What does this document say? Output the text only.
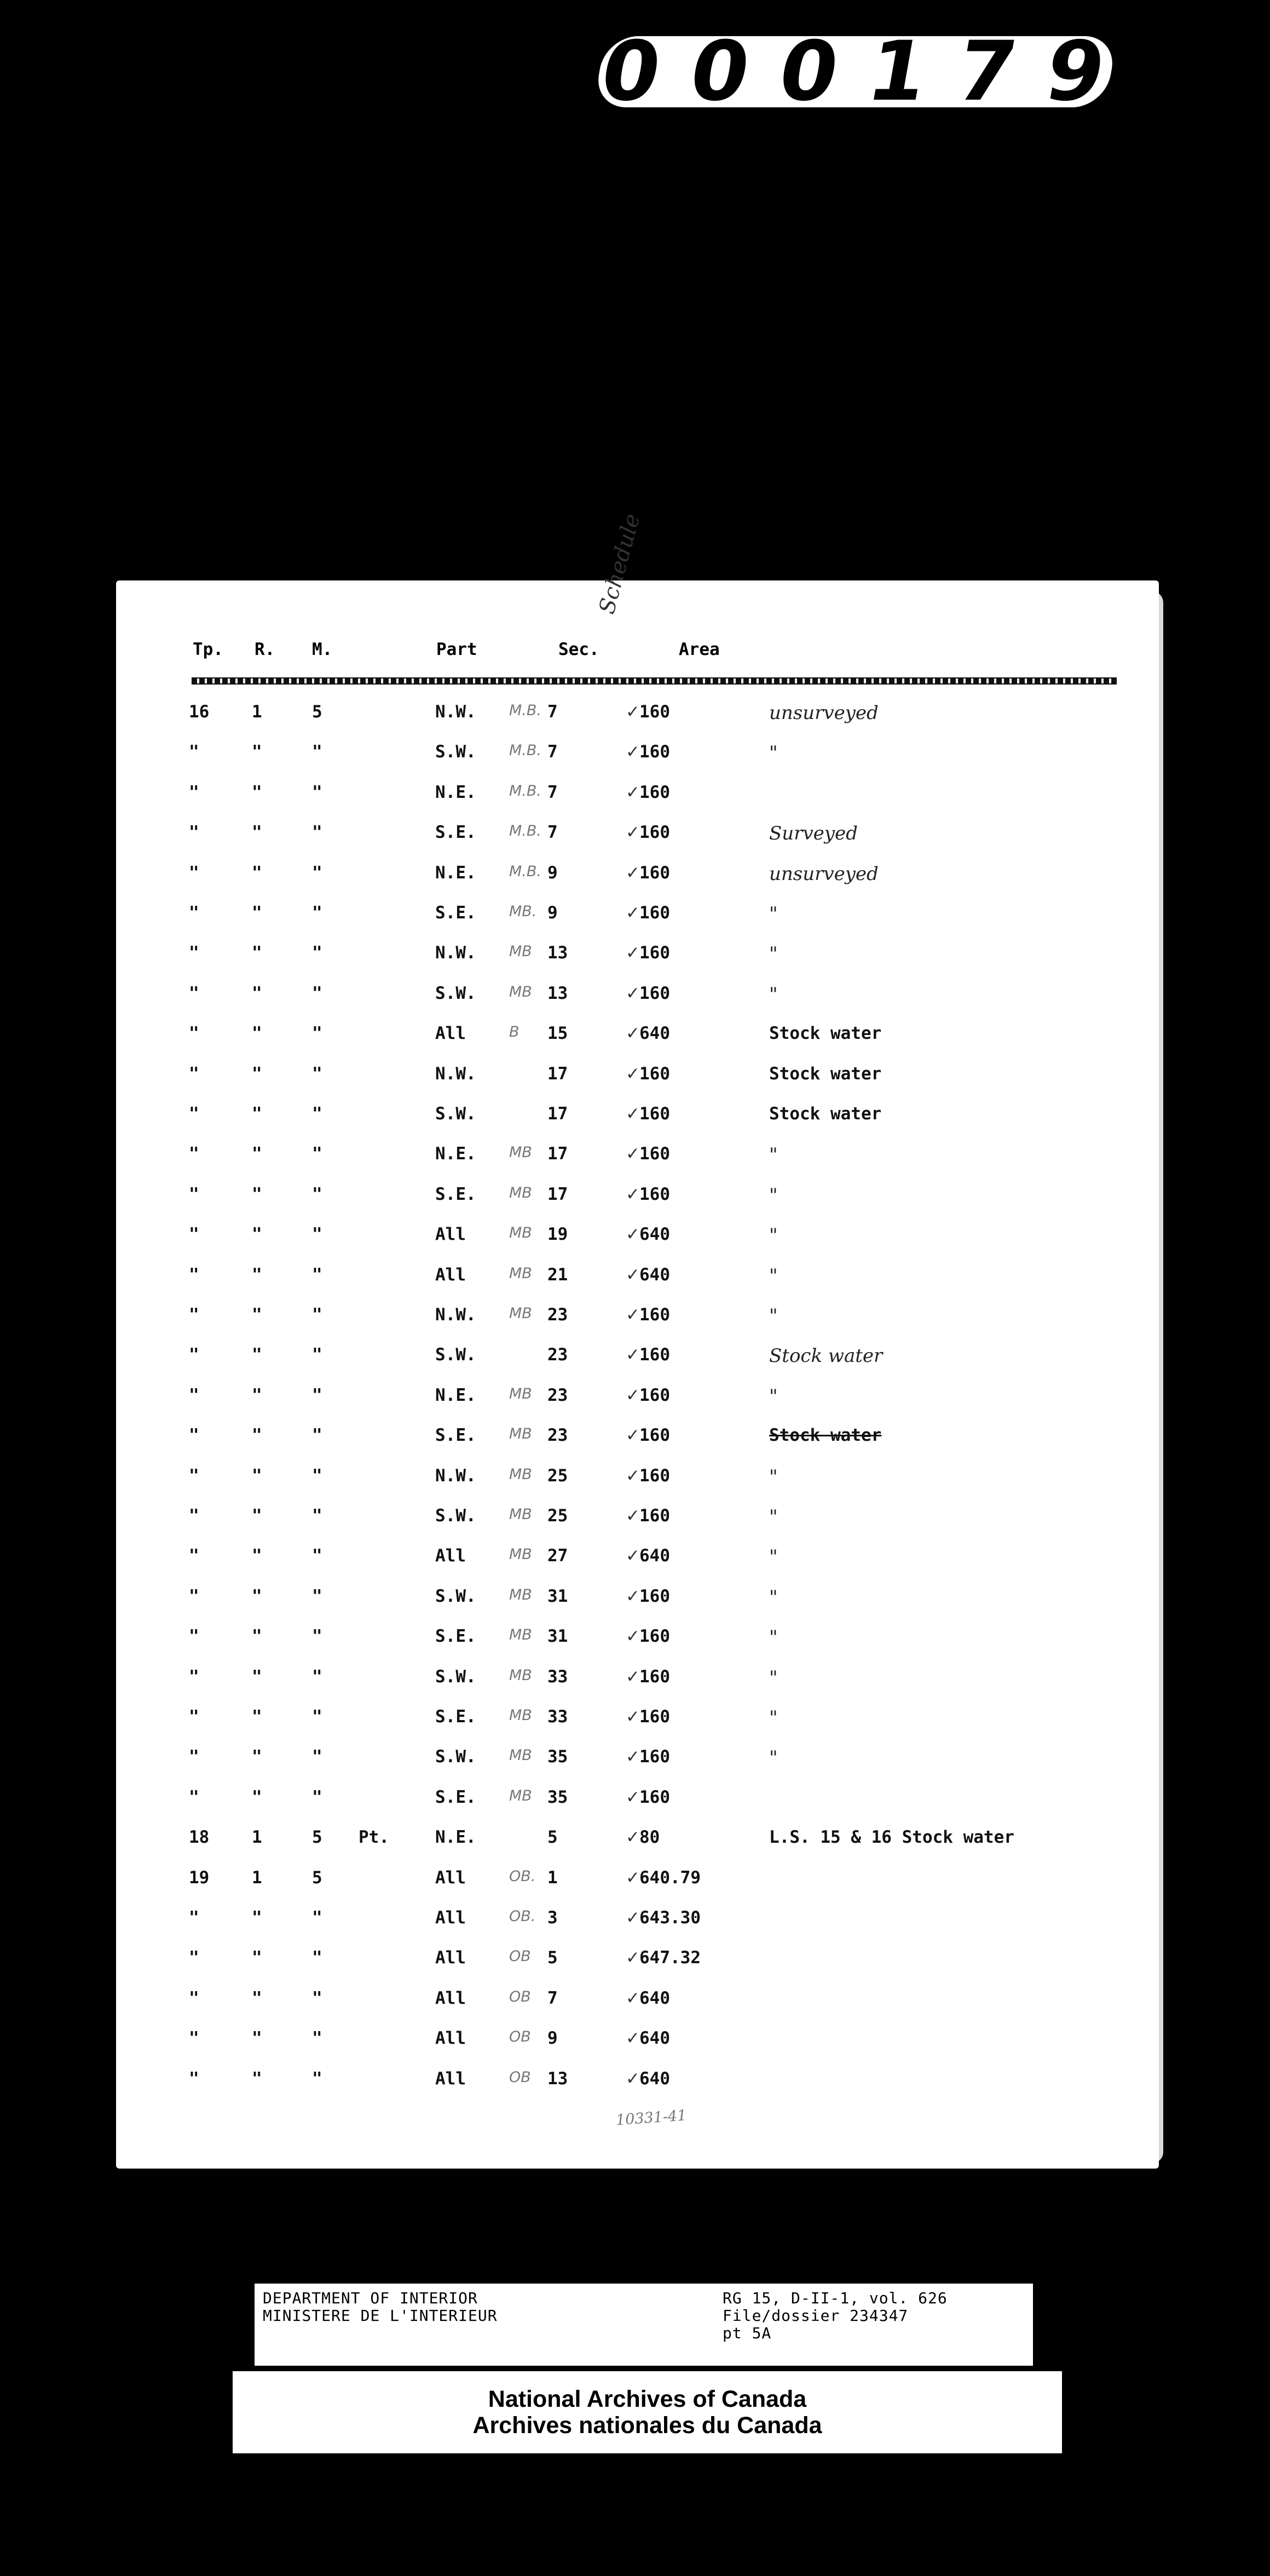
000179
Tp. R. M.	Part	Sec.	Area
Schedule
16	1	5	N.W. M.B. 7	✓ 160	unsurveyed
"	"	"	S.W. M.B. 7	✓ 160	"
"	"	"	N.E. M.B. 7	✓ 160
"	"	"	S.E. M.B. 7	✓ 160	Surveyed
"	"	"	N.E. M.B. 9	✓ 160	unsurveyed
"	"	"	S.E. MB. 9	✓ 160	"
"	"	"	N.W. MB 13	✓ 160	"
"	"	"	S.W. MB 13	✓ 160	"
"	"	"	All	B 15	✓ 640	Stock water
"	"	"	N.W.	17	✓ 160	Stock water
"	"	"	S.W.	17	✓ 160	Stock water
"	"	"	N.E. MB 17	✓ 160	"
"	"	"	S.E. MB 17	✓ 160	"
"	"	"	All	MB 19	✓ 640	"
"	"	"	All	MB 21	✓ 640	"
"	"	"	N.W. MB 23	✓ 160	"
"	"	"	S.W.	23	✓ 160	Stock water
"	"	"	N.E. MB 23	✓ 160	"
"	"	"	S.E. MB 23	✓ 160	Stock water
"	"	"	N.W. MB 25	✓ 160	"
"	"	"	S.W. MB 25	✓ 160	"
"	"	"	All	MB 27	✓ 640	"
"	"	"	S.W. MB 31	✓ 160	"
"	"	"	S.E. MB 31	✓ 160	"
"	"	"	S.W. MB 33	✓ 160	"
"	"	"	S.E. MB 33	✓ 160	"
"	"	"	S.W. MB 35	✓ 160	"
"	"	"	S.E. MB 35	✓ 160
18	1	5 Pt.	N.E.	5	✓ 80	L.S. 15 & 16 Stock water
19	1	5	All	OB. 1	✓ 640.79
"	"	"	All	OB. 3	✓ 643.30
"	"	"	All	OB 5	✓ 647.32
"	"	"	All	OB 7	✓ 640
"	"	"	All	OB 9	✓ 640
"	"	"	All	OB 13	✓ 640
10331-41
DEPARTMENT OF INTERIOR
MINISTERE DE L'INTERIEUR
RG 15, D-II-1, vol. 626
File/dossier 234347
pt 5A
National Archives of Canada
Archives nationales du Canada
